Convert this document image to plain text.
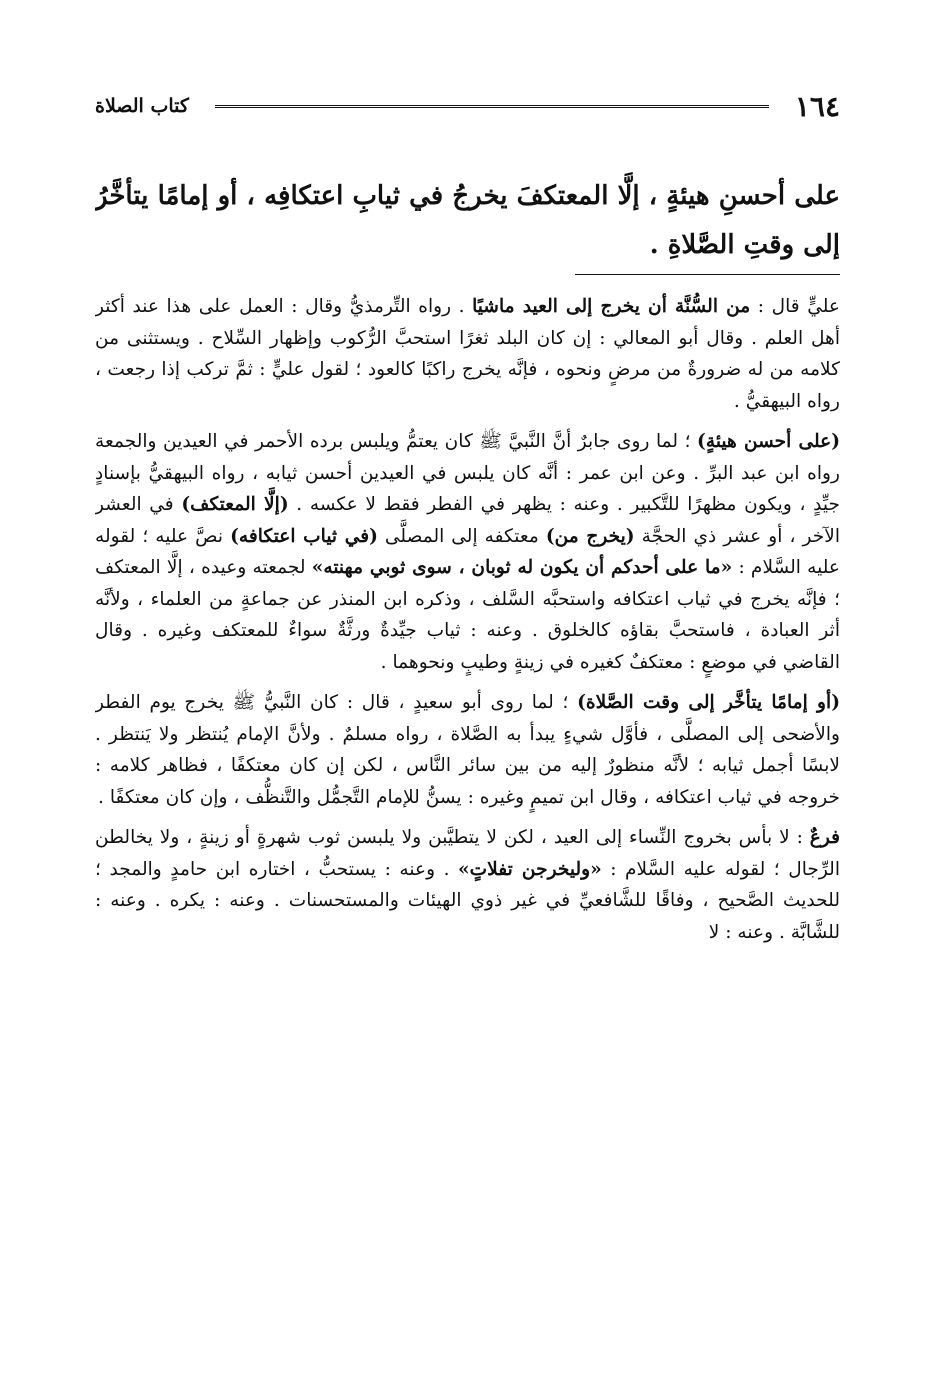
١٦٤
كتاب الصلاة
على أحسنِ هيئةٍ ، إلَّا المعتكفَ يخرجُ في ثيابِ اعتكافِه ، أو إمامًا يتأخَّرُ إلى وقتِ الصَّلاةِ .

عليٍّ قال : من السُّنَّة أن يخرج إلى العيد ماشيًا . رواه التِّرمذيُّ وقال : العمل على هذا عند أكثر أهل العلم . وقال أبو المعالي : إن كان البلد ثغرًا استحبَّ الرُّكوب وإظهار السِّلاح . ويستثنى من كلامه من له ضرورةٌ من مرضٍ ونحوه ، فإنَّه يخرج راكبًا كالعود ؛ لقول عليٍّ : ثمَّ تركب إذا رجعت ، رواه البيهقيُّ .

(على أحسن هيئةٍ) ؛ لما روى جابرٌ أنَّ النَّبيَّ ﷺ كان يعتمُّ ويلبس برده الأحمر في العيدين والجمعة رواه ابن عبد البرِّ . وعن ابن عمر : أنَّه كان يلبس في العيدين أحسن ثيابه ، رواه البيهقيُّ بإسنادٍ جيِّدٍ ، ويكون مظهرًا للتَّكبير . وعنه : يظهر في الفطر فقط لا عكسه . (إلَّا المعتكف) في العشر الآخر ، أو عشر ذي الحجَّة (يخرج من) معتكفه إلى المصلَّى (في ثياب اعتكافه) نصَّ عليه ؛ لقوله عليه السَّلام : «ما على أحدكم أن يكون له ثوبان ، سوى ثوبي مهنته» لجمعته وعيده ، إلَّا المعتكف ؛ فإنَّه يخرج في ثياب اعتكافه واستحبَّه السَّلف ، وذكره ابن المنذر عن جماعةٍ من العلماء ، ولأنَّه أثر العبادة ، فاستحبَّ بقاؤه كالخلوق . وعنه : ثياب جيِّدةٌ ورثَّةٌ سواءٌ للمعتكف وغيره . وقال القاضي في موضعٍ : معتكفٌ كغيره في زينةٍ وطيبٍ ونحوهما .

(أو إمامًا يتأخَّر إلى وقت الصَّلاة) ؛ لما روى أبو سعيدٍ ، قال : كان النَّبيُّ ﷺ يخرج يوم الفطر والأضحى إلى المصلَّى ، فأوَّل شيءٍ يبدأ به الصَّلاة ، رواه مسلمٌ . ولأنَّ الإمام يُنتظر ولا يَنتظر . لابسًا أجمل ثيابه ؛ لأنَّه منظورٌ إليه من بين سائر النَّاس ، لكن إن كان معتكفًا ، فظاهر كلامه : خروجه في ثياب اعتكافه ، وقال ابن تميمٍ وغيره : يسنُّ للإمام التَّجمُّل والتَّنظُّف ، وإن كان معتكفًا .

فرعٌ : لا بأس بخروج النِّساء إلى العيد ، لكن لا يتطيَّبن ولا يلبسن ثوب شهرةٍ أو زينةٍ ، ولا يخالطن الرِّجال ؛ لقوله عليه السَّلام : «وليخرجن تفلاتٍ» . وعنه : يستحبُّ ، اختاره ابن حامدٍ والمجد ؛ للحديث الصَّحيح ، وفاقًا للشَّافعيِّ في غير ذوي الهيئات والمستحسنات . وعنه : يكره . وعنه : للشَّابَّة . وعنه : لا
